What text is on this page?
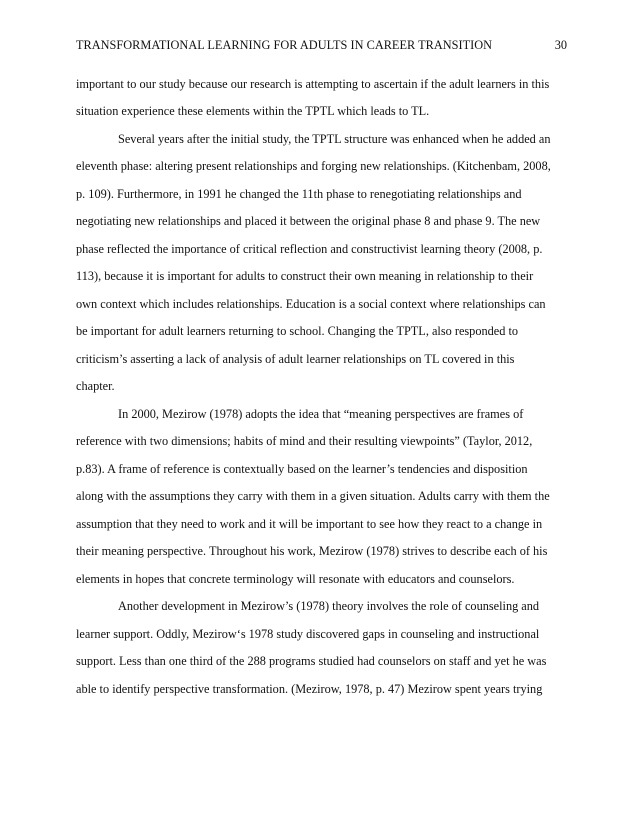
TRANSFORMATIONAL LEARNING FOR ADULTS IN CAREER TRANSITION	30
important to our study because our research is attempting to ascertain if the adult learners in this
situation experience these elements within the TPTL which leads to TL.
Several years after the initial study, the TPTL structure was enhanced when he added an
eleventh phase: altering present relationships and forging new relationships. (Kitchenbam, 2008,
p. 109). Furthermore, in 1991 he changed the 11th phase to renegotiating relationships and
negotiating new relationships and placed it between the original phase 8 and phase 9. The new
phase reflected the importance of critical reflection and constructivist learning theory (2008, p.
113), because it is important for adults to construct their own meaning in relationship to their
own context which includes relationships. Education is a social context where relationships can
be important for adult learners returning to school. Changing the TPTL, also responded to
criticism’s asserting a lack of analysis of adult learner relationships on TL covered in this
chapter.
In 2000, Mezirow (1978) adopts the idea that “meaning perspectives are frames of
reference with two dimensions; habits of mind and their resulting viewpoints” (Taylor, 2012,
p.83). A frame of reference is contextually based on the learner’s tendencies and disposition
along with the assumptions they carry with them in a given situation. Adults carry with them the
assumption that they need to work and it will be important to see how they react to a change in
their meaning perspective. Throughout his work, Mezirow (1978) strives to describe each of his
elements in hopes that concrete terminology will resonate with educators and counselors.
Another development in Mezirow’s (1978) theory involves the role of counseling and
learner support. Oddly, Mezirow‘s 1978 study discovered gaps in counseling and instructional
support. Less than one third of the 288 programs studied had counselors on staff and yet he was
able to identify perspective transformation. (Mezirow, 1978, p. 47) Mezirow spent years trying
